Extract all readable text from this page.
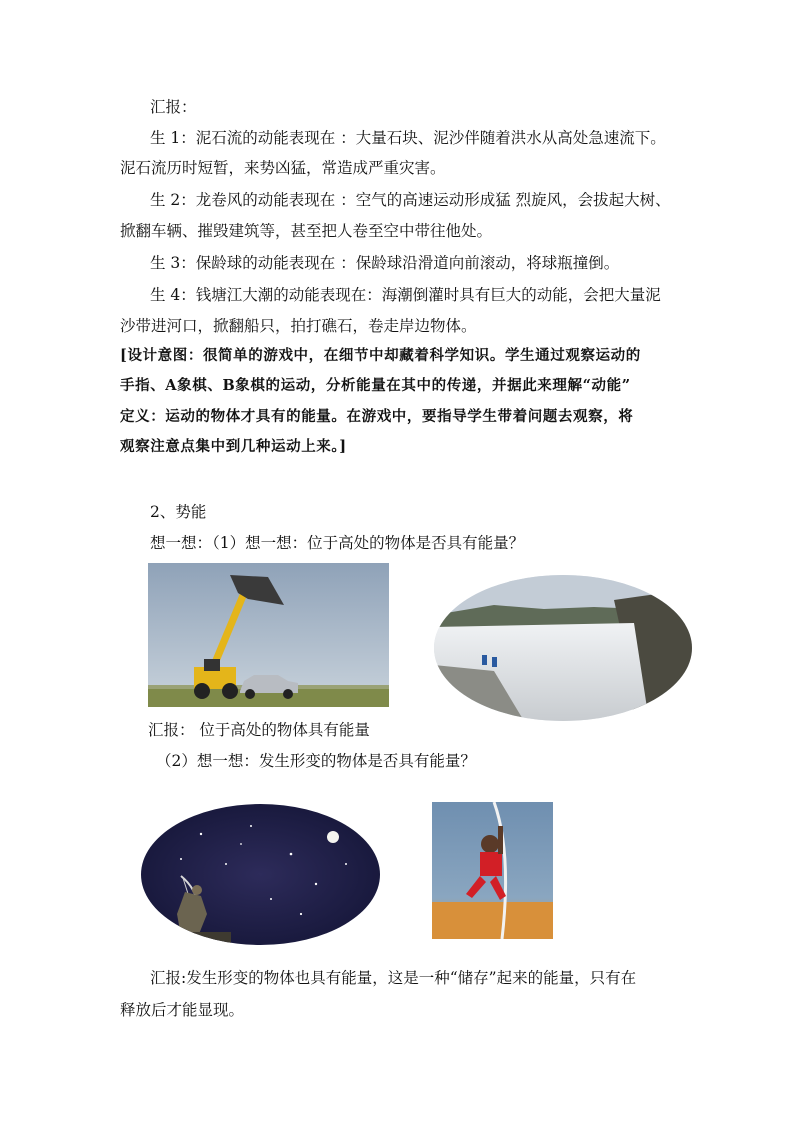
汇报：
生 1：泥石流的动能表现在 ：大量石块、泥沙伴随着洪水从高处急速流下。
泥石流历时短暂，来势凶猛，常造成严重灾害。
生 2：龙卷风的动能表现在 ：空气的高速运动形成猛 烈旋风，会拔起大树、
掀翻车辆、摧毁建筑等，甚至把人卷至空中带往他处。
生 3：保龄球的动能表现在 ：保龄球沿滑道向前滚动，将球瓶撞倒。
生 4：钱塘江大潮的动能表现在：海潮倒灌时具有巨大的动能，会把大量泥
沙带进河口，掀翻船只，拍打礁石，卷走岸边物体。
[设计意图：很简单的游戏中，在细节中却藏着科学知识。学生通过观察运动的
手指、A象棋、B象棋的运动，分析能量在其中的传递，并据此来理解“动能”
定义：运动的物体才具有的能量。在游戏中，要指导学生带着问题去观察，将
观察注意点集中到几种运动上来。]
2、势能
想一想：（1）想一想：位于高处的物体是否具有能量？
汇报： 位于高处的物体具有能量
（2）想一想：发生形变的物体是否具有能量？
汇报:发生形变的物体也具有能量，这是一种“储存”起来的能量，只有在
释放后才能显现。
